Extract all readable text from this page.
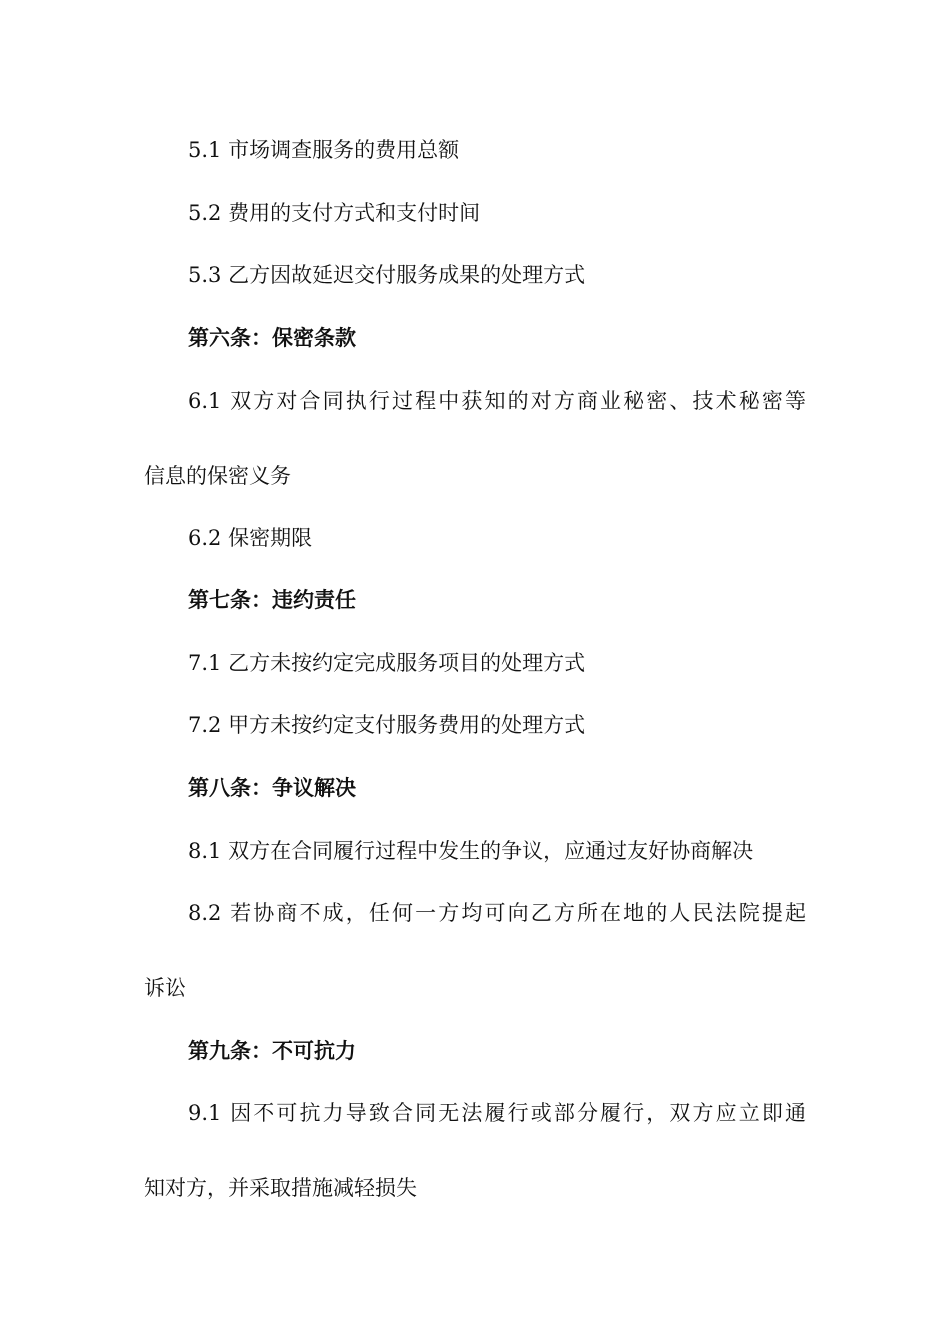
5.1 市场调查服务的费用总额
5.2 费用的支付方式和支付时间
5.3 乙方因故延迟交付服务成果的处理方式
第六条：保密条款
6.1 双方对合同执行过程中获知的对方商业秘密、技术秘密等
信息的保密义务
6.2 保密期限
第七条：违约责任
7.1 乙方未按约定完成服务项目的处理方式
7.2 甲方未按约定支付服务费用的处理方式
第八条：争议解决
8.1 双方在合同履行过程中发生的争议，应通过友好协商解决
8.2 若协商不成，任何一方均可向乙方所在地的人民法院提起
诉讼
第九条：不可抗力
9.1 因不可抗力导致合同无法履行或部分履行，双方应立即通
知对方，并采取措施减轻损失
